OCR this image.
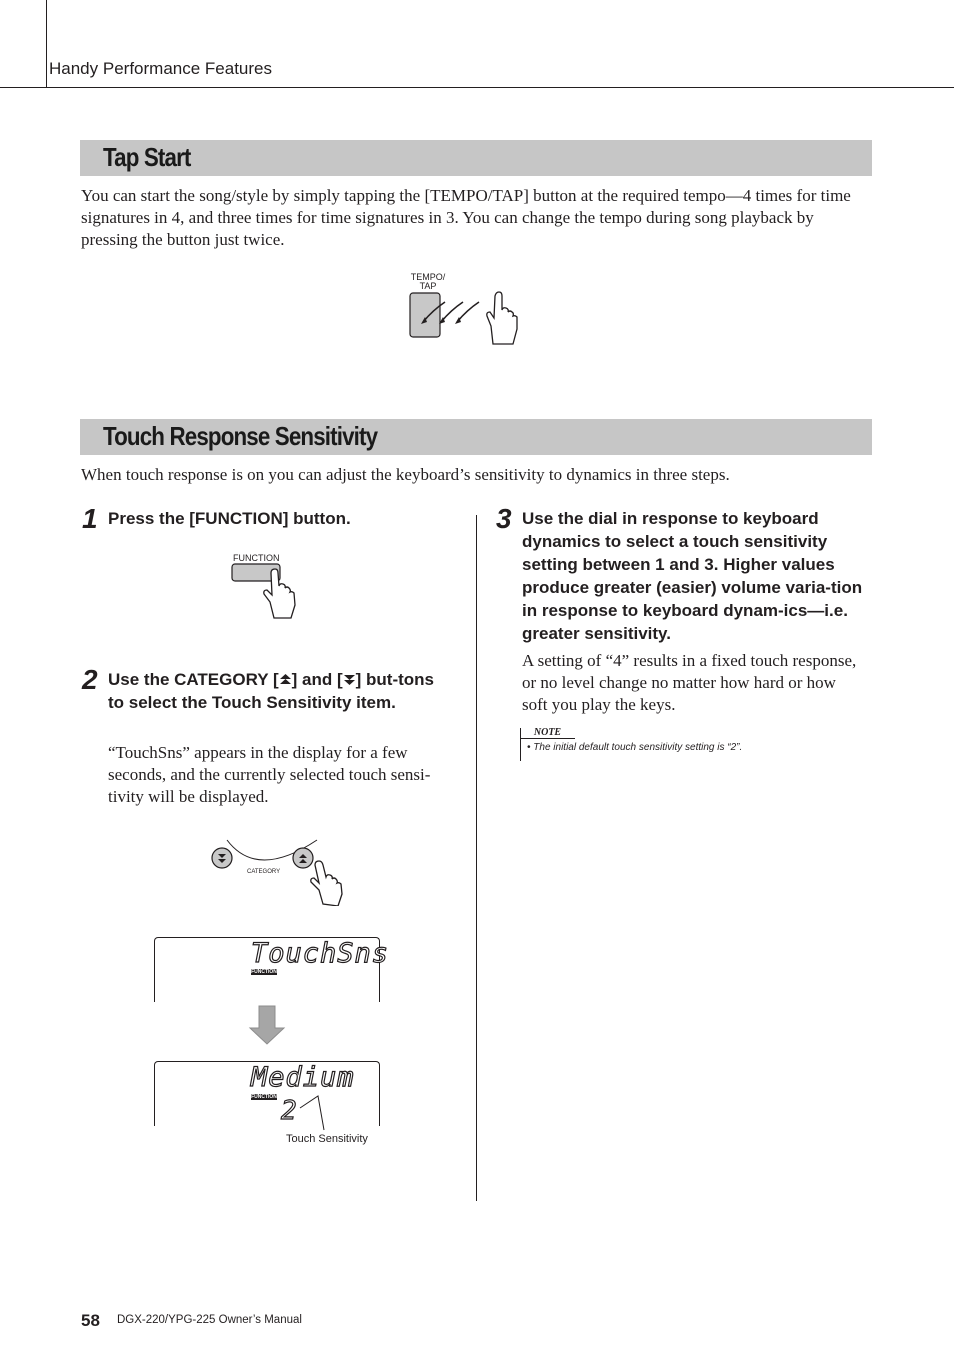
Handy Performance Features
Tap Start
You can start the song/style by simply tapping the [TEMPO/TAP] button at the required tempo—4 times for time signatures in 4, and three times for time signatures in 3. You can change the tempo during song playback by pressing the button just twice.
TEMPO/
TAP
Touch Response Sensitivity
When touch response is on you can adjust the keyboard’s sensitivity to dynamics in three steps.
1 Press the [FUNCTION] button.
FUNCTION
2 Use the CATEGORY [ ] and [ ] but-tons to select the Touch Sensitivity item.
“TouchSns” appears in the display for a few seconds, and the currently selected touch sensi-tivity will be displayed.
CATEGORY
TouchSns
FUNCTION
Medium
FUNCTION 2
Touch Sensitivity
3 Use the dial in response to keyboard dynamics to select a touch sensitivity setting between 1 and 3. Higher values produce greater (easier) volume varia-tion in response to keyboard dynam-ics—i.e. greater sensitivity.
A setting of “4” results in a fixed touch response, or no level change no matter how hard or how soft you play the keys.
NOTE
• The initial default touch sensitivity setting is “2”.
58 DGX-220/YPG-225 Owner’s Manual
